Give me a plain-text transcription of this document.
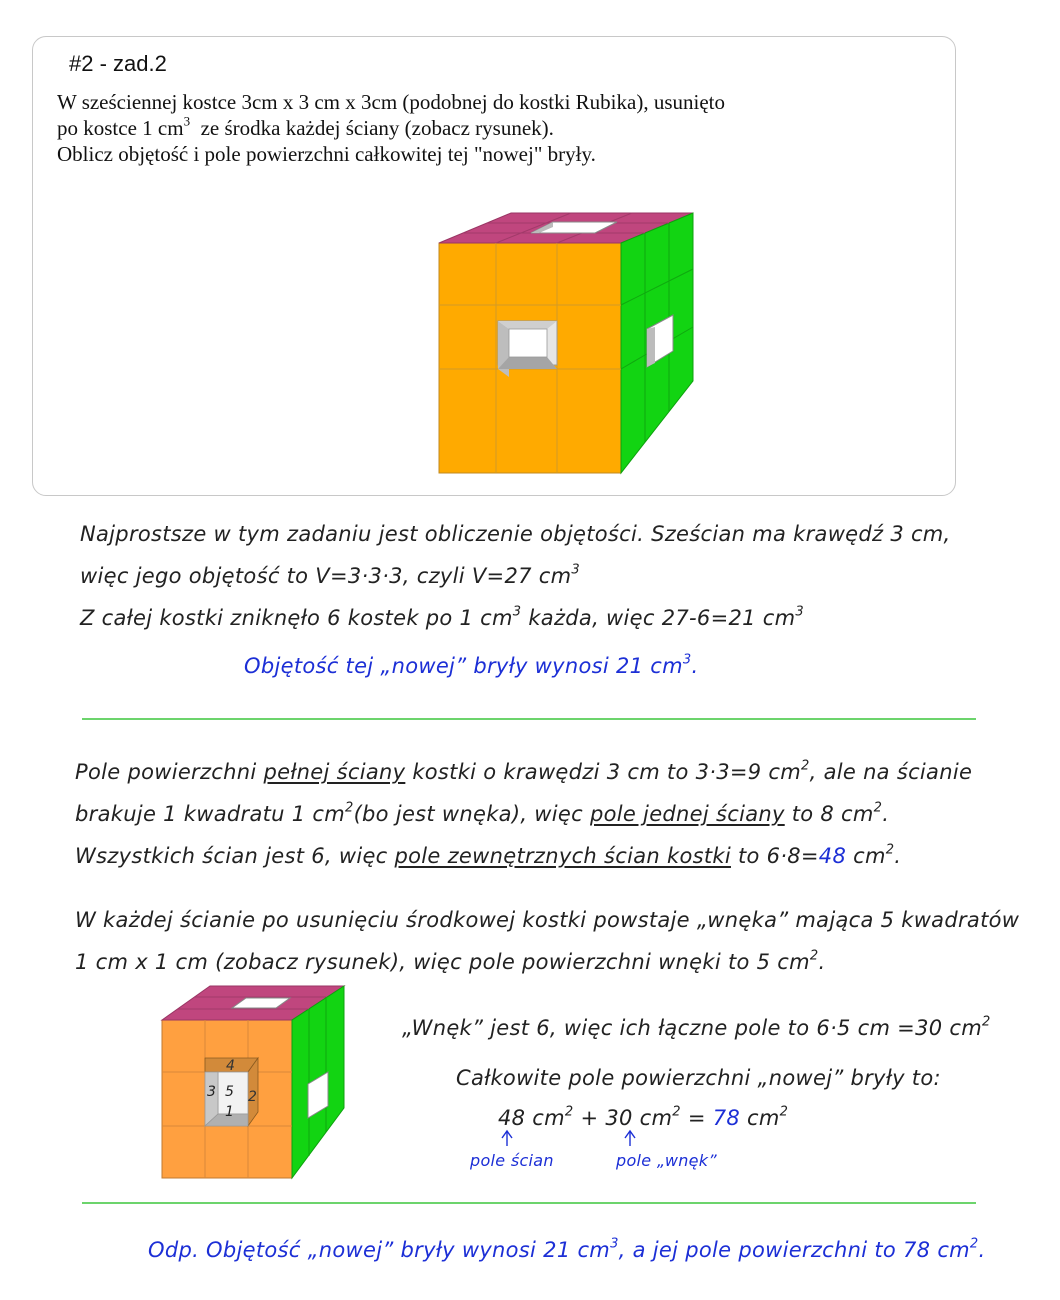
#2 - zad.2
W sześciennej kostce 3cm x 3 cm x 3cm (podobnej do kostki Rubika), usunięto
po kostce 1 $cm^3$  ze środka każdej ściany (zobacz rysunek).
Oblicz objętość i pole powierzchni całkowitej tej "nowej" bryły.
Najprostsze w tym zadaniu jest obliczenie objętości. Sześcian ma krawędź 3 cm,
więc jego objętość to V=3·3·3, czyli V=27 $cm^3$
Z całej kostki zniknęło 6 kostek po 1 $cm^3$ każda, więc 27-6=21 $cm^3$
Objętość tej „nowej” bryły wynosi 21 $cm^3$.
Pole powierzchni pełnej ściany kostki o krawędzi 3 cm to 3·3=9 $cm^2$, ale na ścianie
brakuje 1 kwadratu 1 $cm^2(bo$ jest wnęka), więc pole jednej ściany to 8 $cm^2$.
Wszystkich ścian jest 6, więc pole zewnętrznych ścian kostki to 6·8=48 $cm^2$.
W każdej ścianie po usunięciu środkowej kostki powstaje „wnęka” mająca 5 kwadratów
1 cm x 1 cm (zobacz rysunek), więc pole powierzchni wnęki to 5 $cm^2$.
4
3 5 2
1
„Wnęk” jest 6, więc ich łączne pole to 6·5 cm =30 $cm^2$
Całkowite pole powierzchni „nowej” bryły to:
48 $cm^2 + 30$ $cm^2 = 78$ $cm^2$
pole ścian	pole „wnęk”
Odp. Objętość „nowej” bryły wynosi 21 $cm^3$, a jej pole powierzchni to 78 $cm^2$.
